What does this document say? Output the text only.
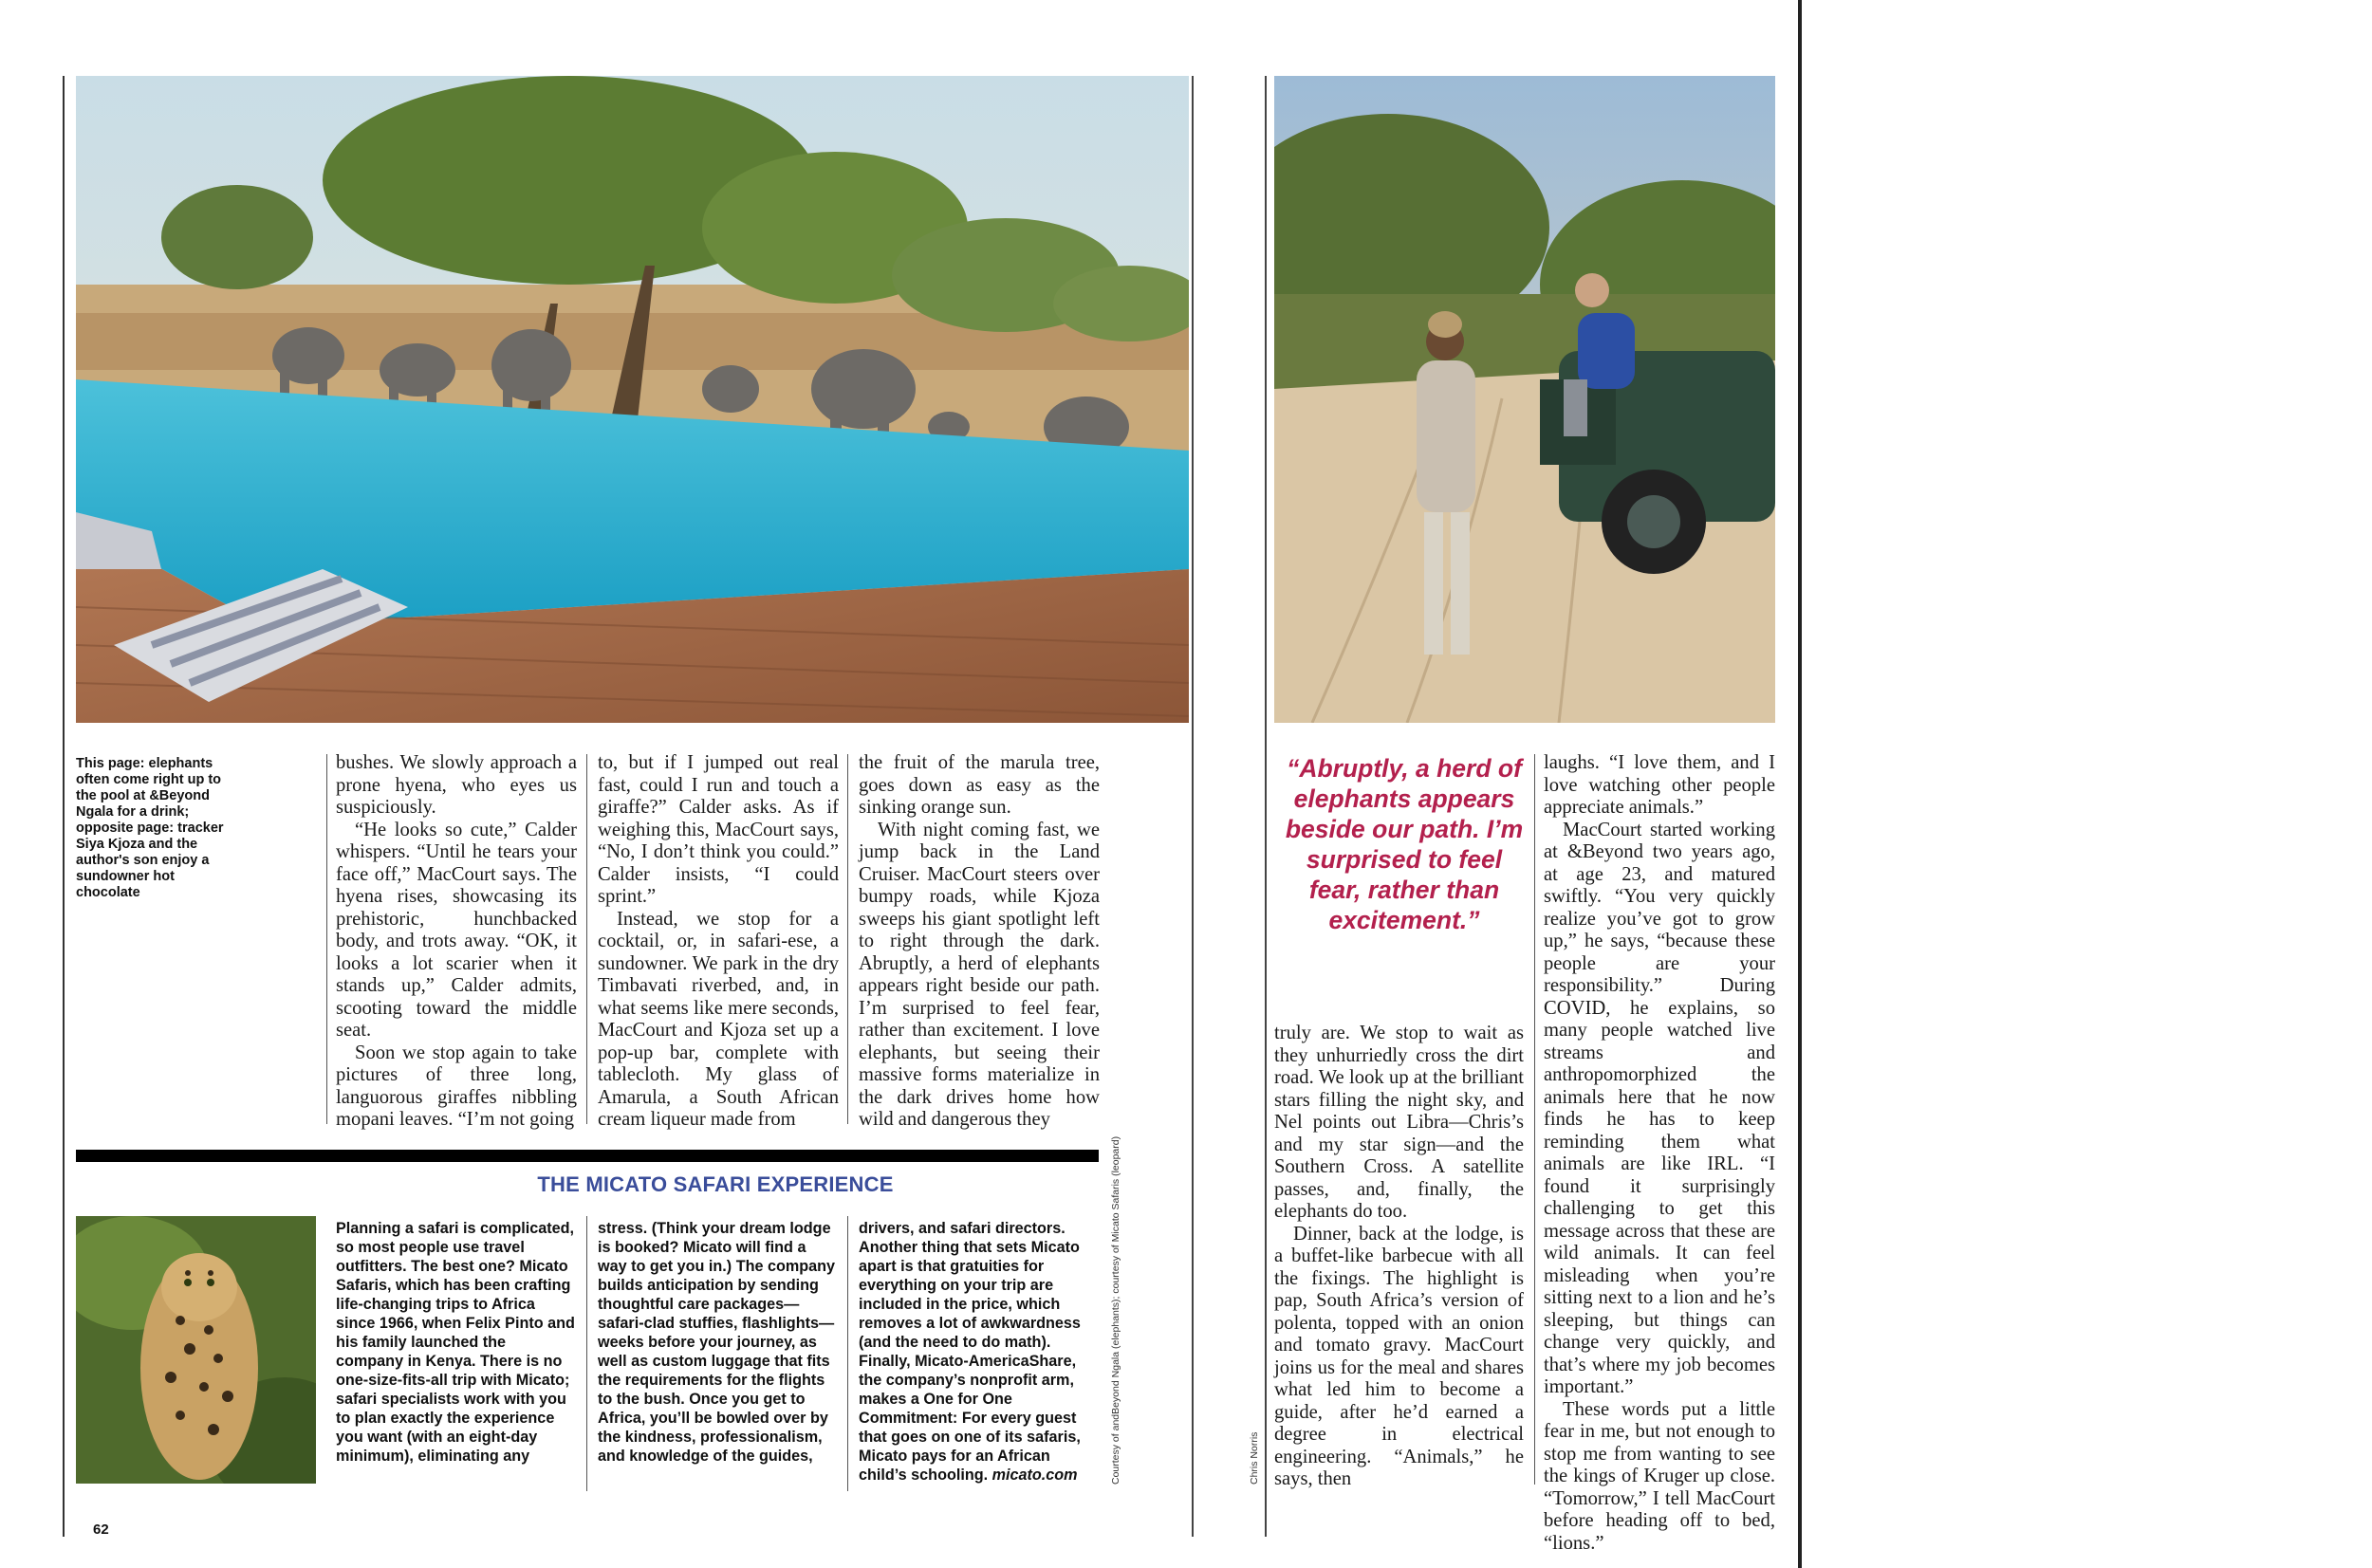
This page: elephants often come right up to the pool at &Beyond Ngala for a drink; opposite page: tracker Siya Kjoza and the author's son enjoy a sundowner hot chocolate

bushes. We slowly approach a prone hyena, who eyes us suspiciously.

“He looks so cute,” Calder whispers. “Until he tears your face off,” MacCourt says. The hyena rises, showcasing its prehistoric, hunchbacked body, and trots away. “OK, it looks a lot scarier when it stands up,” Calder admits, scooting toward the middle seat.

Soon we stop again to take pictures of three long, languorous giraffes nibbling mopani leaves. “I’m not going

to, but if I jumped out real fast, could I run and touch a giraffe?” Calder asks. As if weighing this, MacCourt says, “No, I don’t think you could.” Calder insists, “I could sprint.”

Instead, we stop for a cocktail, or, in safari-ese, a sundowner. We park in the dry Timbavati riverbed, and, in what seems like mere seconds, MacCourt and Kjoza set up a pop-up bar, complete with tablecloth. My glass of Amarula, a South African cream liqueur made from

the fruit of the marula tree, goes down as easy as the sinking orange sun.

With night coming fast, we jump back in the Land Cruiser. MacCourt steers over bumpy roads, while Kjoza sweeps his giant spotlight left to right through the dark. Abruptly, a herd of elephants appears right beside our path. I’m surprised to feel fear, rather than excitement. I love elephants, but seeing their massive forms materialize in the dark drives home how wild and dangerous they

THE MICATO SAFARI EXPERIENCE
Planning a safari is complicated, so most people use travel outfitters. The best one? Micato Safaris, which has been crafting life-changing trips to Africa since 1966, when Felix Pinto and his family launched the company in Kenya. There is no one-size-fits-all trip with Micato; safari specialists work with you to plan exactly the experience you want (with an eight-day minimum), eliminating any
stress. (Think your dream lodge is booked? Micato will find a way to get you in.) The company builds anticipation by sending thoughtful care packages—safari-clad stuffies, flashlights—weeks before your journey, as well as custom luggage that fits the requirements for the flights to the bush. Once you get to Africa, you’ll be bowled over by the kindness, professionalism, and knowledge of the guides,
drivers, and safari directors. Another thing that sets Micato apart is that gratuities for everything on your trip are included in the price, which removes a lot of awkwardness (and the need to do math). Finally, Micato-AmericaShare, the company’s nonprofit arm, makes a One for One Commitment: For every guest that goes on one of its safaris, Micato pays for an African child’s schooling. micato.com	Courtesy of andBeyond Ngala (elephants); courtesy of Micato Safaris (leopard)	Chris Norris
62
“Abruptly, a herd of elephants appears beside our path. I’m surprised to feel fear, rather than excitement.”

truly are. We stop to wait as they unhurriedly cross the dirt road. We look up at the brilliant stars filling the night sky, and Nel points out Libra—Chris’s and my star sign—and the Southern Cross. A satellite passes, and, finally, the elephants do too.

Dinner, back at the lodge, is a buffet-like barbecue with all the fixings. The highlight is pap, South Africa’s version of polenta, topped with an onion and tomato gravy. MacCourt joins us for the meal and shares what led him to become a guide, after he’d earned a degree in electrical engineering. “Animals,” he says, then

laughs. “I love them, and I love watching other people appreciate animals.”

MacCourt started working at &Beyond two years ago, at age 23, and matured swiftly. “You very quickly realize you’ve got to grow up,” he says, “because these people are your responsibility.” During COVID, he explains, so many people watched live streams and anthropomorphized the animals here that he now finds he has to keep reminding them what animals are like IRL. “I found it surprisingly challenging to get this message across that these are wild animals. It can feel misleading when you’re sitting next to a lion and he’s sleeping, but things can change very quickly, and that’s where my job becomes important.”

These words put a little fear in me, but not enough to stop me from wanting to see the kings of Kruger up close. “Tomorrow,” I tell MacCourt before heading off to bed, “lions.”
